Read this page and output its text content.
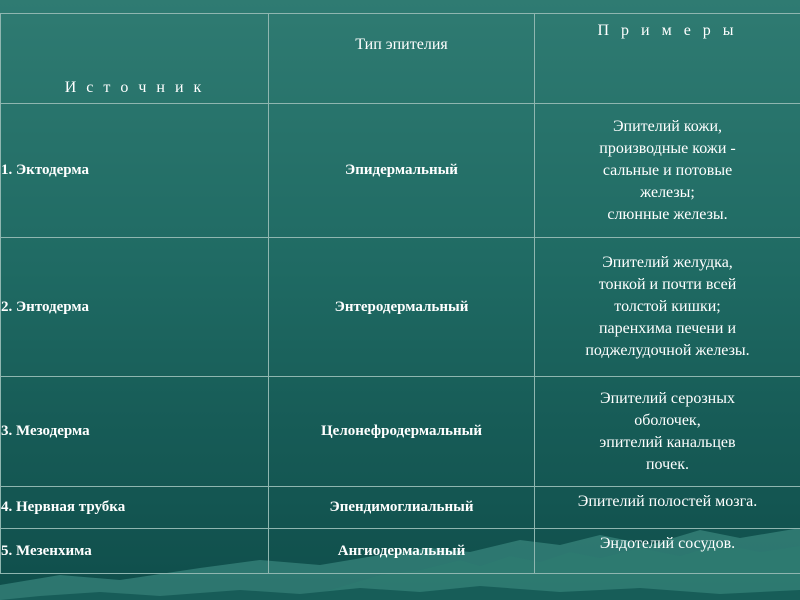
И с т о ч н и к	Тип эпителия	П р и м е р ы
1. Эктодерма	Эпидермальный	Эпителий кожи,
производные кожи -
сальные и потовые
железы;
слюнные железы.

2. Энтодерма	Энтеродермальный	Эпителий желудка,
тонкой и почти всей
толстой кишки;
паренхима печени и
поджелудочной железы.

3. Мезодерма	Целонефродермальный	Эпителий серозных
оболочек,
эпителий канальцев
почек.

4. Нервная трубка	Эпендимоглиальный	Эпителий полостей мозга.

5. Мезенхима	Ангиодермальный	Эндотелий сосудов.
